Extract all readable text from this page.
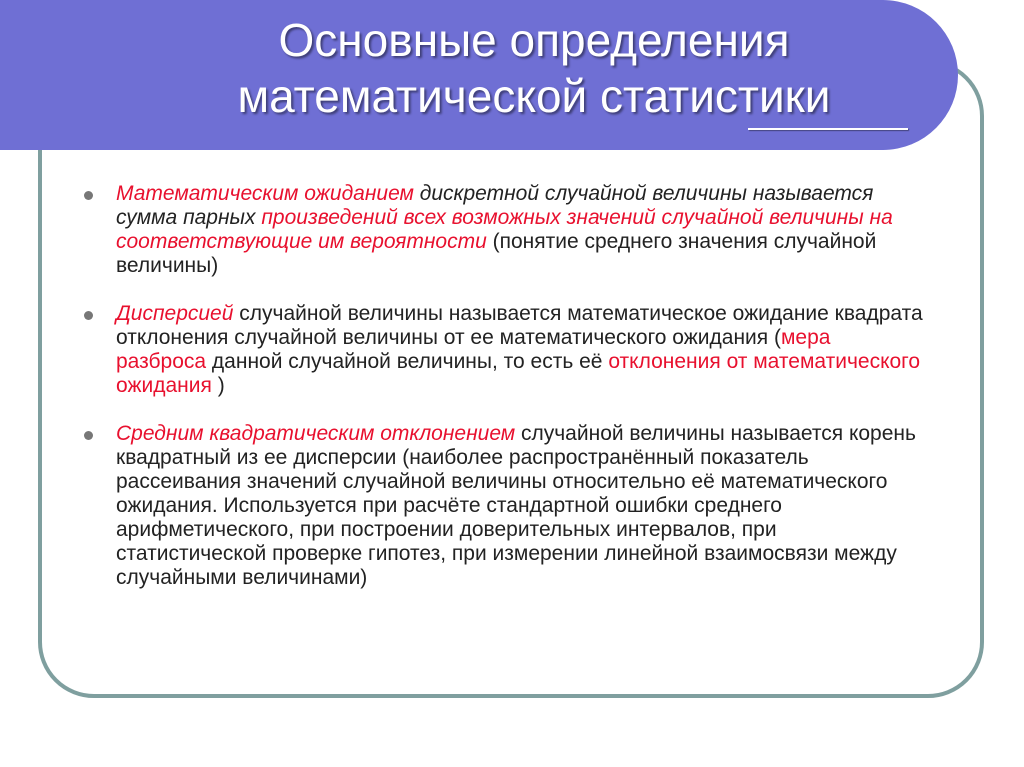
Основные определения
математической статистики
Математическим ожиданием дискретной случайной величины называется сумма парных произведений всех возможных значений случайной величины на соответствующие им вероятности (понятие среднего значения случайной величины)
Дисперсией случайной величины называется математическое ожидание квадрата отклонения случайной величины от ее математического ожидания (мера разброса данной случайной величины, то есть её отклонения от математического ожидания )
Средним квадратическим отклонением случайной величины называется корень квадратный из ее дисперсии (наиболее распространённый показатель рассеивания значений случайной величины относительно её математического ожидания. Используется при расчёте стандартной ошибки среднего арифметического, при построении доверительных интервалов, при статистической проверке гипотез, при измерении линейной взаимосвязи между случайными величинами)
